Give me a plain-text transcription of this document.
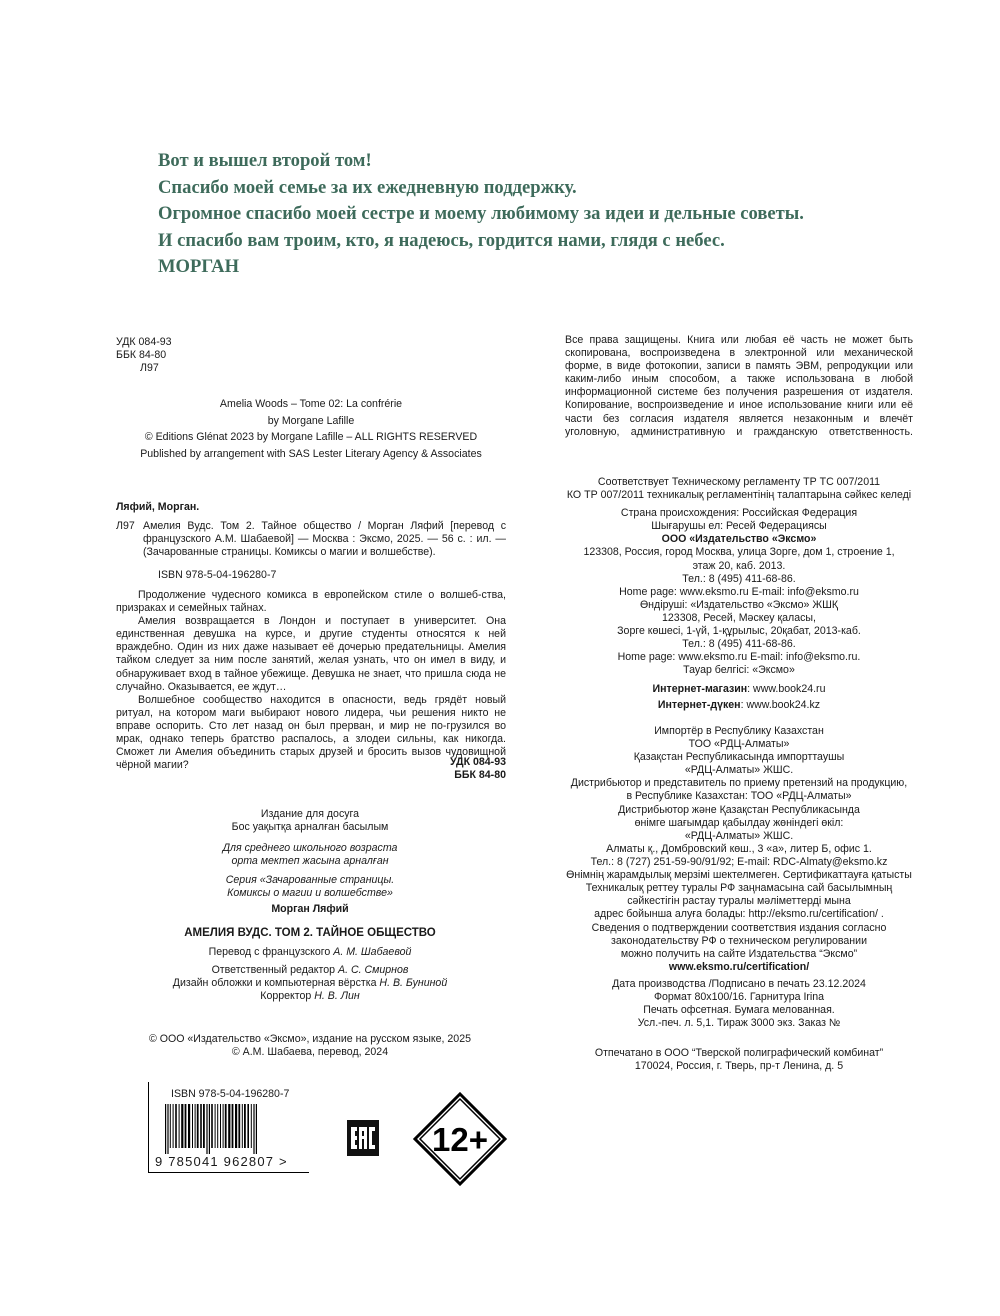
Вот и вышел второй том!
Спасибо моей семье за их ежедневную поддержку.
Огромное спасибо моей сестре и моему любимому за идеи и дельные советы.
И спасибо вам троим, кто, я надеюсь, гордится нами, глядя с небес.
МОРГАН
УДК 084-93
ББК 84-80
Л97
Amelia Woods – Tome 02: La confrérie
by Morgane Lafille
© Editions Glénat 2023 by Morgane Lafille – ALL RIGHTS RESERVED
Published by arrangement with SAS Lester Literary Agency & Associates
Ляфий, Морган.
Л97 Амелия Вудс. Том 2. Тайное общество / Морган Ляфий [перевод с французского А.М. Шабаевой] — Москва : Эксмо, 2025. — 56 с. : ил. — (Зачарованные страницы. Комиксы о магии и волшебстве).
ISBN 978-5-04-196280-7
Продолжение чудесного комикса в европейском стиле о волшеб-ства, призраках и семейных тайнах.
Амелия возвращается в Лондон и поступает в университет. Она единственная девушка на курсе, и другие студенты относятся к ней враждебно. Один из них даже называет её дочерью предательницы. Амелия тайком следует за ним после занятий, желая узнать, что он имел в виду, и обнаруживает вход в тайное убежище. Девушка не знает, что пришла сюда не случайно. Оказывается, ее ждут…
Волшебное сообщество находится в опасности, ведь грядёт новый ритуал, на котором маги выбирают нового лидера, чьи решения никто не вправе оспорить. Сто лет назад он был прерван, и мир не по-грузился во мрак, однако теперь братство распалось, а злодеи сильны, как никогда. Сможет ли Амелия объединить старых друзей и бросить вызов чудовищной чёрной магии?	УДК 084-93
ББК 84-80
Издание для досуга
Бос уақытқа арналған басылым
Для среднего школьного возраста
орта мектеп жасына арналған
Серия «Зачарованные страницы.
Комиксы о магии и волшебстве»
Морган Ляфий
АМЕЛИЯ ВУДС. ТОМ 2. ТАЙНОЕ ОБЩЕСТВО
Перевод с французского А. М. Шабаевой
Ответственный редактор А. С. Смирнов
Дизайн обложки и компьютерная вёрстка Н. В. Буниной
Корректор Н. В. Лин
© ООО «Издательство «Эксмо», издание на русском языке, 2025
© А.М. Шабаева, перевод, 2024
ISBN 978-5-04-196280-7
9 785041 962807 >
12+
Все права защищены. Книга или любая её часть не может быть скопирована, воспроизведена в электронной или механической форме, в виде фотокопии, записи в память ЭВМ, репродукции или каким-либо иным способом, а также использована в любой информационной системе без получения разрешения от издателя. Копирование, воспроизведение и иное использование книги или её части без согласия издателя является незаконным и влечёт уголовную, административную и гражданскую ответственность.
Соответствует Техническому регламенту ТР ТС 007/2011
КО ТР 007/2011 техникалық регламентінің талаптарына сәйкес келеді
Страна происхождения: Российская Федерация
Шығарушы ел: Ресей Федерациясы
ООО «Издательство «Эксмо»
123308, Россия, город Москва, улица Зорге, дом 1, строение 1,
этаж 20, каб. 2013.
Тел.: 8 (495) 411-68-86.
Home page: www.eksmo.ru E-mail: info@eksmo.ru
Өндіруші: «Издательство «Эксмо» ЖШҚ
123308, Ресей, Мәскеу қаласы,
Зорге көшесі, 1-үй, 1-құрылыс, 20қабат, 2013-каб.
Тел.: 8 (495) 411-68-86.
Home page: www.eksmo.ru E-mail: info@eksmo.ru.
Тауар белгісі: «Эксмо»
Интернет-магазин: www.book24.ru
Интернет-дүкен: www.book24.kz
Импортёр в Республику Казахстан
ТОО «РДЦ-Алматы»
Қазақстан Республикасында импорттаушы
«РДЦ-Алматы» ЖШС.
Дистрибьютор и представитель по приему претензий на продукцию,
в Республике Казахстан: ТОО «РДЦ-Алматы»
Дистрибьютор және Қазақстан Республикасында
өнімге шағымдар қабылдау жөніндегі өкіл:
«РДЦ-Алматы» ЖШС.
Алматы қ., Домбровский көш., 3 «а», литер Б, офис 1.
Тел.: 8 (727) 251-59-90/91/92; E-mail: RDC-Almaty@eksmo.kz
Өнімнің жарамдылық мерзімі шектелмеген. Сертификаттауға қатысты
Техникалық реттеу туралы РФ заңнамасына сай басылымның
сәйкестігін растау туралы мәліметтерді мына
адрес бойынша алуға болады: http://eksmo.ru/certification/ .
Сведения о подтверждении соответствия издания согласно
законодательству РФ о техническом регулировании
можно получить на сайте Издательства “Эксмо”
www.eksmo.ru/certification/
Дата производства /Подписано в печать 23.12.2024
Формат 80x100/16. Гарнитура Irina
Печать офсетная. Бумага мелованная.
Усл.-печ. л. 5,1. Тираж 3000 экз. Заказ №
Отпечатано в ООО “Тверской полиграфический комбинат”
170024, Россия, г. Тверь, пр-т Ленина, д. 5
